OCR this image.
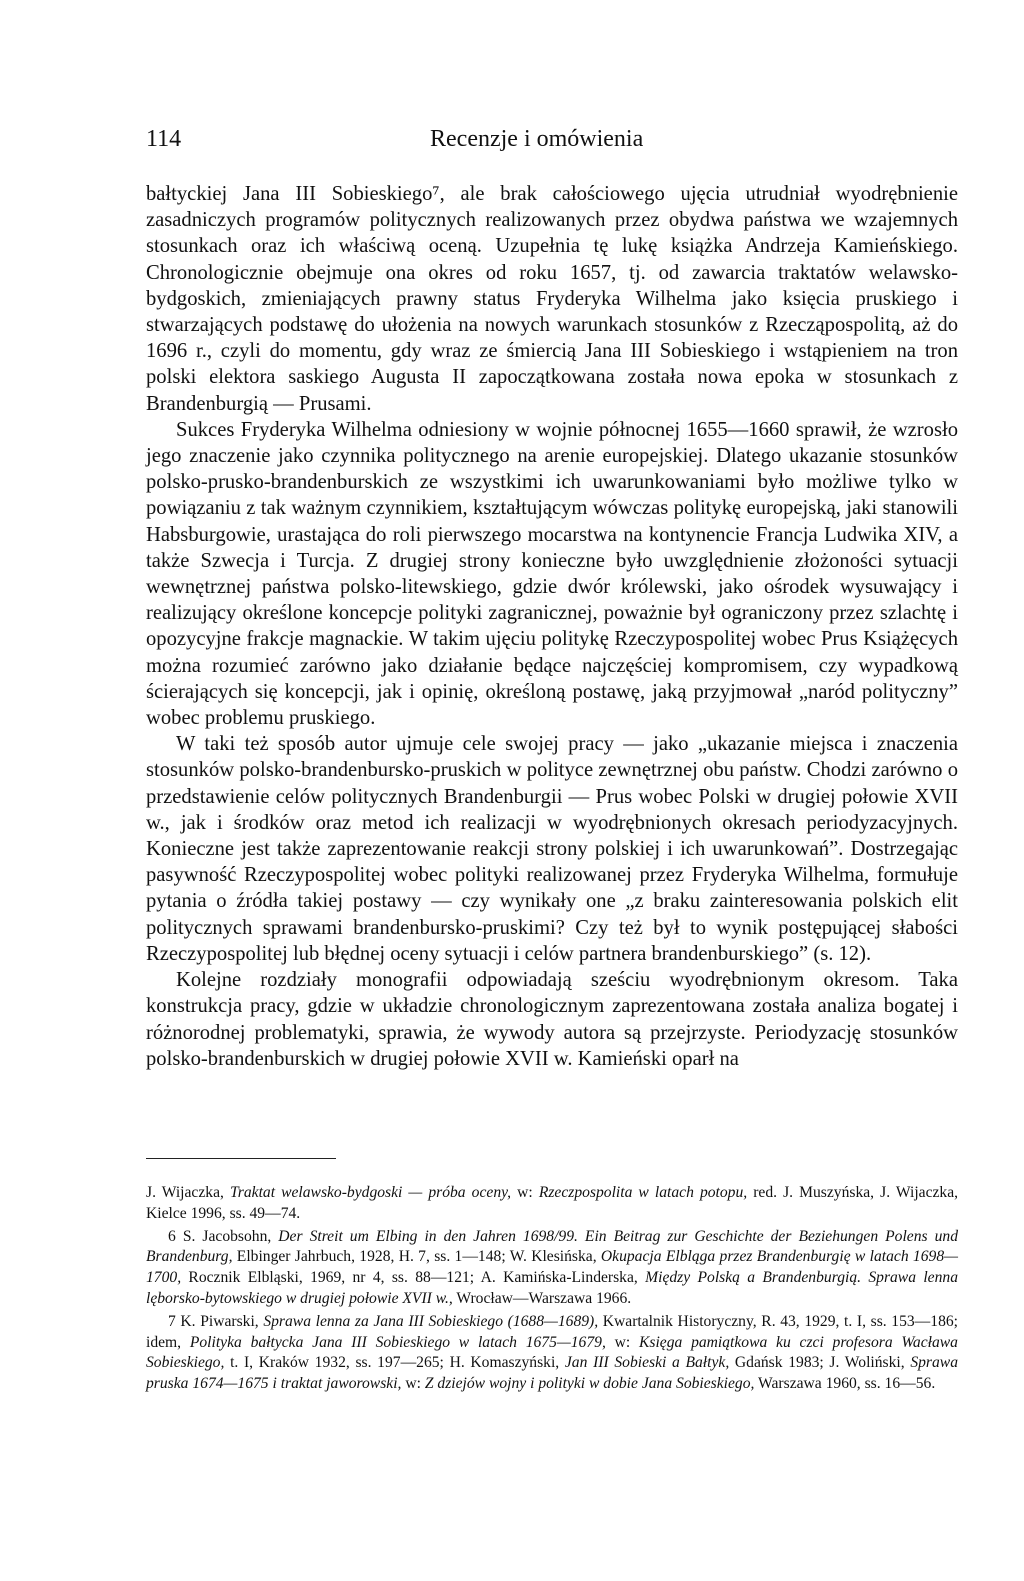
114	Recenzje i omówienia

bałtyckiej Jana III Sobieskiego⁷, ale brak całościowego ujęcia utrudniał wyodrębnienie zasadniczych programów politycznych realizowanych przez obydwa państwa we wzajemnych stosunkach oraz ich właściwą oceną. Uzupełnia tę lukę książka Andrzeja Kamieńskiego. Chronologicznie obejmuje ona okres od roku 1657, tj. od zawarcia traktatów welawsko-bydgoskich, zmieniających prawny status Fryderyka Wilhelma jako księcia pruskiego i stwarzających podstawę do ułożenia na nowych warunkach stosunków z Rzecząpospolitą, aż do 1696 r., czyli do momentu, gdy wraz ze śmiercią Jana III Sobieskiego i wstąpieniem na tron polski elektora saskiego Augusta II zapoczątkowana została nowa epoka w stosunkach z Brandenburgią — Prusami.

Sukces Fryderyka Wilhelma odniesiony w wojnie północnej 1655—1660 sprawił, że wzrosło jego znaczenie jako czynnika politycznego na arenie europejskiej. Dlatego ukazanie stosunków polsko-prusko-brandenburskich ze wszystkimi ich uwarunkowaniami było możliwe tylko w powiązaniu z tak ważnym czynnikiem, kształtującym wówczas politykę europejską, jaki stanowili Habsburgowie, urastająca do roli pierwszego mocarstwa na kontynencie Francja Ludwika XIV, a także Szwecja i Turcja. Z drugiej strony konieczne było uwzględnienie złożoności sytuacji wewnętrznej państwa polsko-litewskiego, gdzie dwór królewski, jako ośrodek wysuwający i realizujący określone koncepcje polityki zagranicznej, poważnie był ograniczony przez szlachtę i opozycyjne frakcje magnackie. W takim ujęciu politykę Rzeczypospolitej wobec Prus Książęcych można rozumieć zarówno jako działanie będące najczęściej kompromisem, czy wypadkową ścierających się koncepcji, jak i opinię, określoną postawę, jaką przyjmował „naród polityczny” wobec problemu pruskiego.

W taki też sposób autor ujmuje cele swojej pracy — jako „ukazanie miejsca i znaczenia stosunków polsko-brandenbursko-pruskich w polityce zewnętrznej obu państw. Chodzi zarówno o przedstawienie celów politycznych Brandenburgii — Prus wobec Polski w drugiej połowie XVII w., jak i środków oraz metod ich realizacji w wyodrębnionych okresach periodyzacyjnych. Konieczne jest także zaprezentowanie reakcji strony polskiej i ich uwarunkowań”. Dostrzegając pasywność Rzeczypospolitej wobec polityki realizowanej przez Fryderyka Wilhelma, formułuje pytania o źródła takiej postawy — czy wynikały one „z braku zainteresowania polskich elit politycznych sprawami brandenbursko-pruskimi? Czy też był to wynik postępującej słabości Rzeczypospolitej lub błędnej oceny sytuacji i celów partnera brandenburskiego” (s. 12).

Kolejne rozdziały monografii odpowiadają sześciu wyodrębnionym okresom. Taka konstrukcja pracy, gdzie w układzie chronologicznym zaprezentowana została analiza bogatej i różnorodnej problematyki, sprawia, że wywody autora są przejrzyste. Periodyzację stosunków polsko-brandenburskich w drugiej połowie XVII w. Kamieński oparł na

J. Wijaczka, Traktat welawsko-bydgoski — próba oceny, w: Rzeczpospolita w latach potopu, red. J. Muszyńska, J. Wijaczka, Kielce 1996, ss. 49—74.

6 S. Jacobsohn, Der Streit um Elbing in den Jahren 1698/99. Ein Beitrag zur Geschichte der Beziehungen Polens und Brandenburg, Elbinger Jahrbuch, 1928, H. 7, ss. 1—148; W. Klesińska, Okupacja Elbląga przez Brandenburgię w latach 1698—1700, Rocznik Elbląski, 1969, nr 4, ss. 88—121; A. Kamińska-Linderska, Między Polską a Brandenburgią. Sprawa lenna lęborsko-bytowskiego w drugiej połowie XVII w., Wrocław—Warszawa 1966.

7 K. Piwarski, Sprawa lenna za Jana III Sobieskiego (1688—1689), Kwartalnik Historyczny, R. 43, 1929, t. I, ss. 153—186; idem, Polityka bałtycka Jana III Sobieskiego w latach 1675—1679, w: Księga pamiątkowa ku czci profesora Wacława Sobieskiego, t. I, Kraków 1932, ss. 197—265; H. Komaszyński, Jan III Sobieski a Bałtyk, Gdańsk 1983; J. Woliński, Sprawa pruska 1674—1675 i traktat jaworowski, w: Z dziejów wojny i polityki w dobie Jana Sobieskiego, Warszawa 1960, ss. 16—56.
